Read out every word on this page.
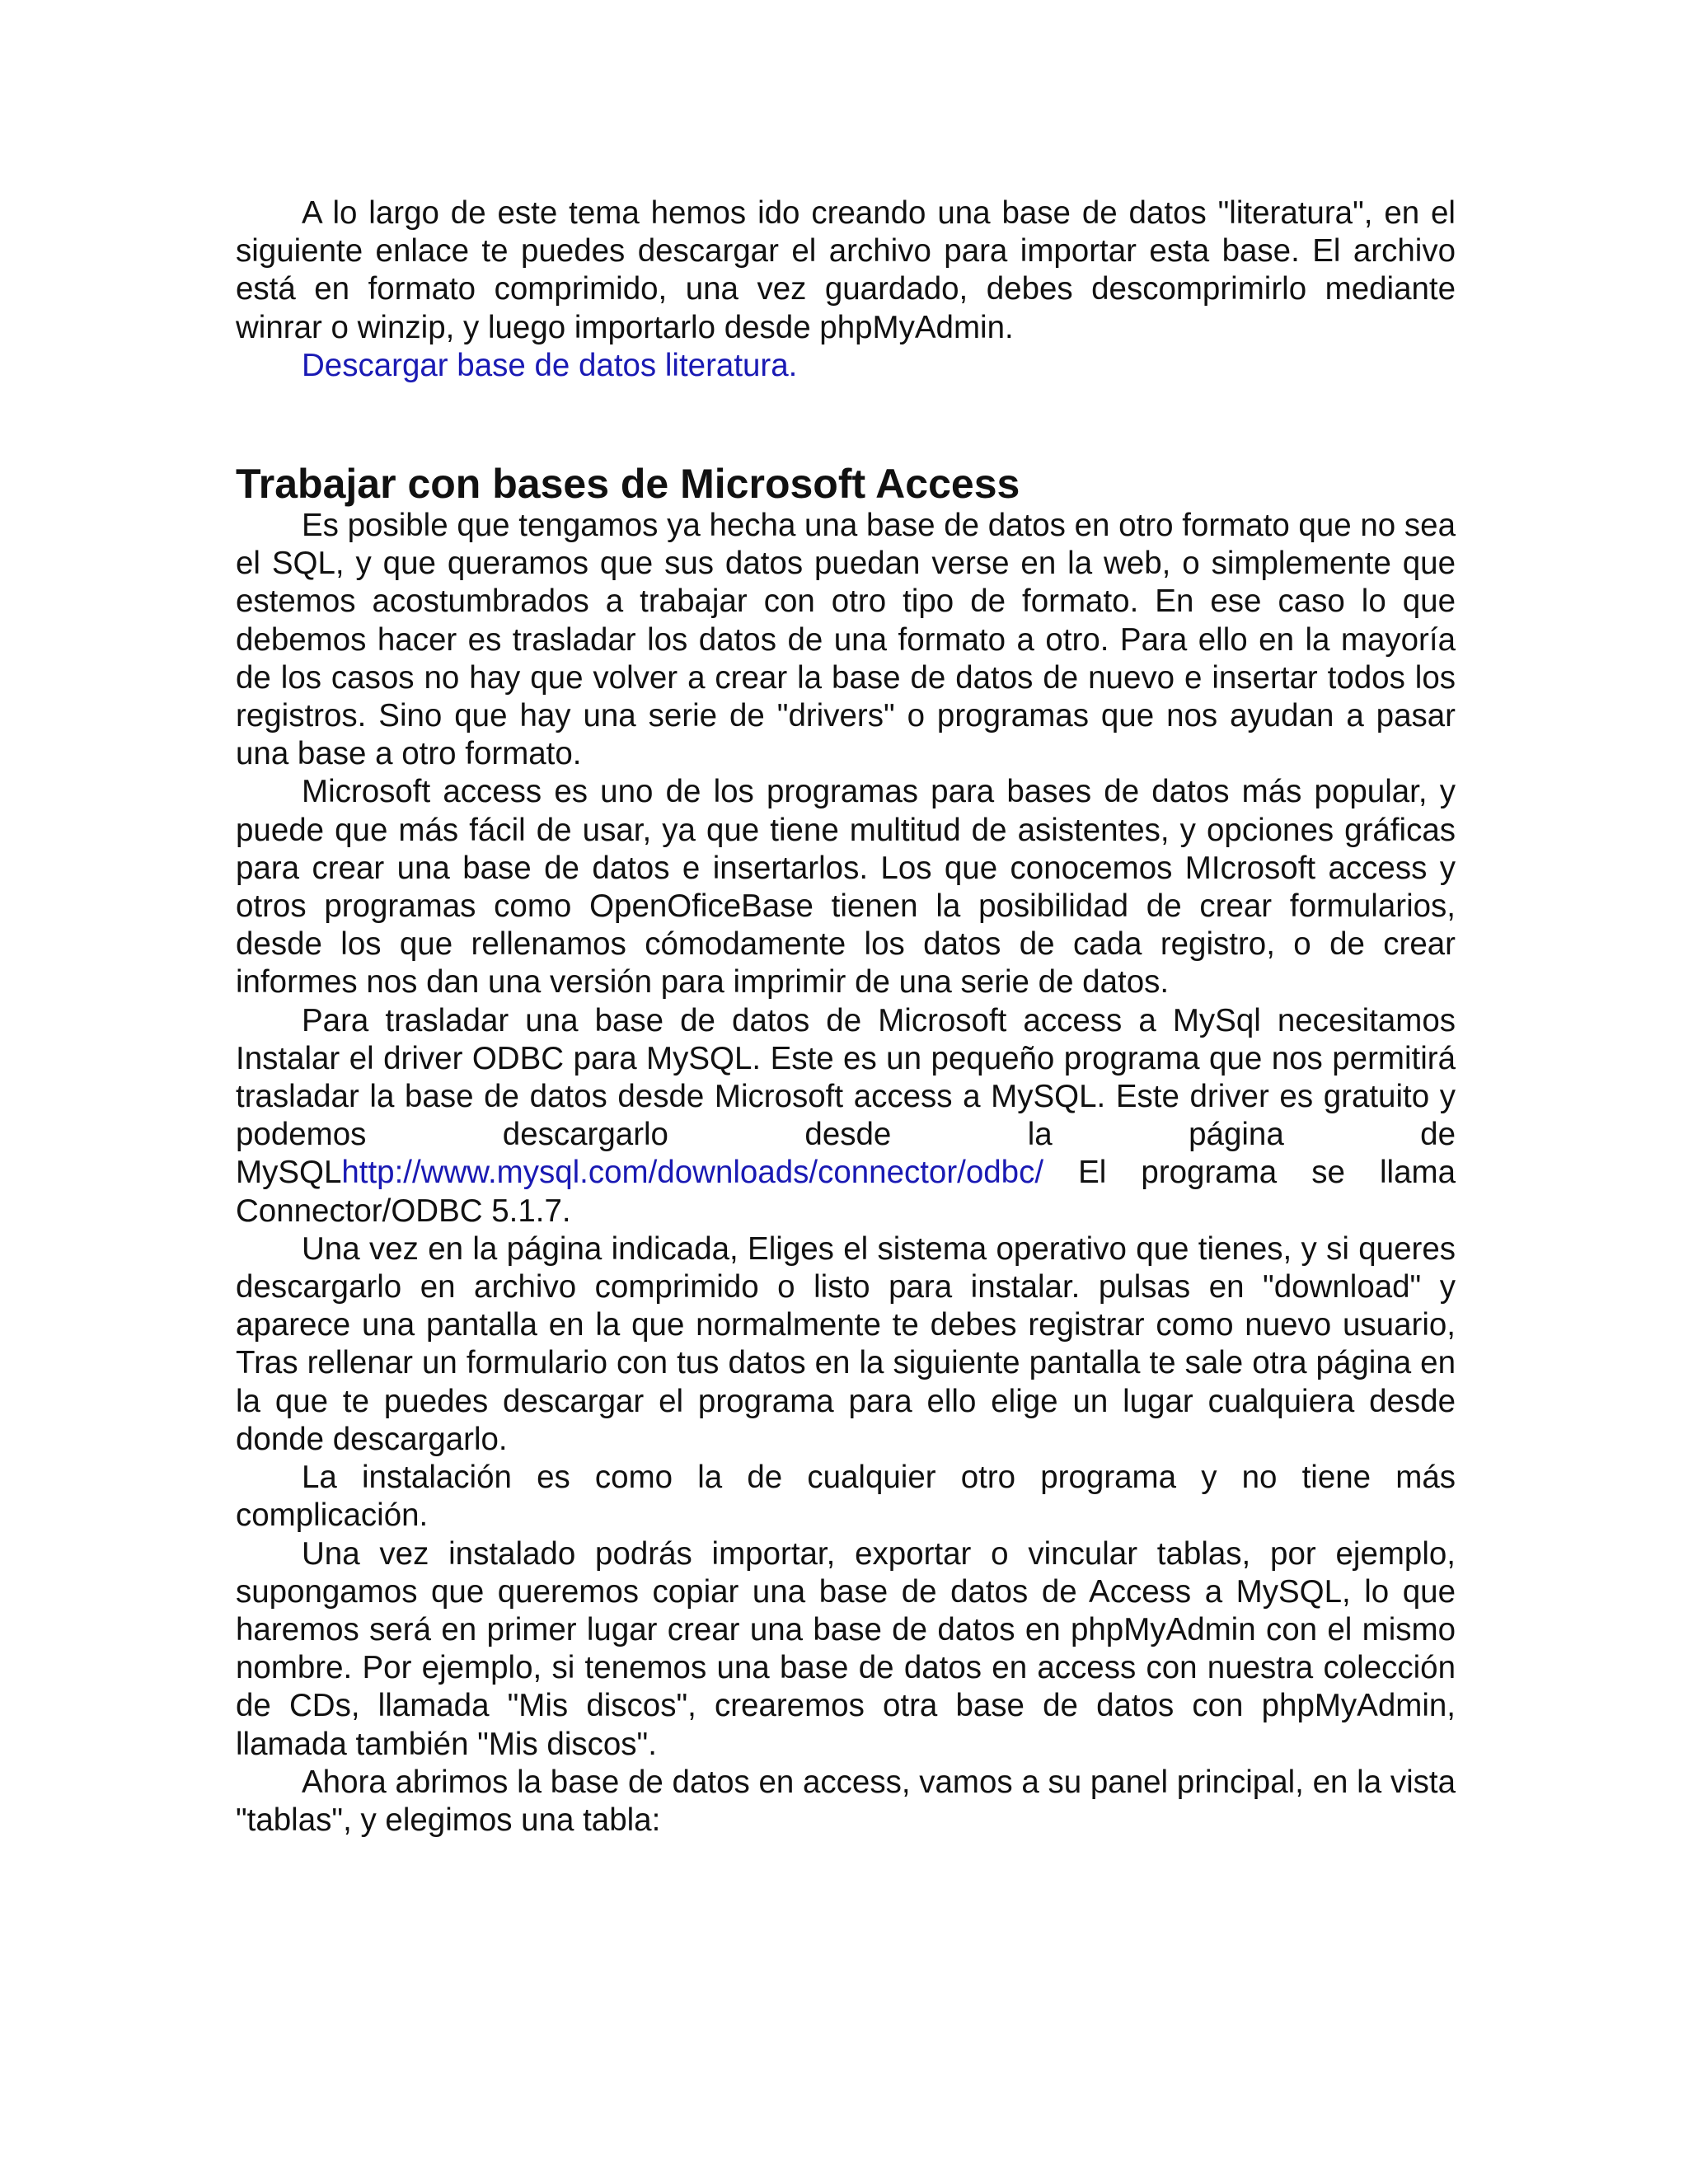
A lo largo de este tema hemos ido creando una base de datos "literatura", en el siguiente enlace te puedes descargar el archivo para importar esta base. El archivo está en formato comprimido, una vez guardado, debes descomprimirlo mediante winrar o winzip, y luego importarlo desde phpMyAdmin.

Descargar base de datos literatura.

Trabajar con bases de Microsoft Access

Es posible que tengamos ya hecha una base de datos en otro formato que no sea el SQL, y que queramos que sus datos puedan verse en la web, o simplemente que estemos acostumbrados a trabajar con otro tipo de formato. En ese caso lo que debemos hacer es trasladar los datos de una formato a otro. Para ello en la mayoría de los casos no hay que volver a crear la base de datos de nuevo e insertar todos los registros. Sino que hay una serie de "drivers" o programas que nos ayudan a pasar una base a otro formato.

Microsoft access es uno de los programas para bases de datos más popular, y puede que más fácil de usar, ya que tiene multitud de asistentes, y opciones gráficas para crear una base de datos e insertarlos. Los que conocemos MIcrosoft access y otros programas como OpenOficeBase tienen la posibilidad de crear formularios, desde los que rellenamos cómodamente los datos de cada registro, o de crear informes nos dan una versión para imprimir de una serie de datos.

Para trasladar una base de datos de Microsoft access a MySql necesitamos Instalar el driver ODBC para MySQL. Este es un pequeño programa que nos permitirá trasladar la base de datos desde Microsoft access a MySQL. Este driver es gratuito y podemos descargarlo desde la página de MySQLhttp://www.mysql.com/downloads/connector/odbc/ El programa se llama Connector/ODBC 5.1.7.

Una vez en la página indicada, Eliges el sistema operativo que tienes, y si queres descargarlo en archivo comprimido o listo para instalar. pulsas en "download" y aparece una pantalla en la que normalmente te debes registrar como nuevo usuario, Tras rellenar un formulario con tus datos en la siguiente pantalla te sale otra página en la que te puedes descargar el programa para ello elige un lugar cualquiera desde donde descargarlo.

La instalación es como la de cualquier otro programa y no tiene más complicación.

Una vez instalado podrás importar, exportar o vincular tablas, por ejemplo, supongamos que queremos copiar una base de datos de Access a MySQL, lo que haremos será en primer lugar crear una base de datos en phpMyAdmin con el mismo nombre. Por ejemplo, si tenemos una base de datos en access con nuestra colección de CDs, llamada "Mis discos", crearemos otra base de datos con phpMyAdmin, llamada también "Mis discos".

Ahora abrimos la base de datos en access, vamos a su panel principal, en la vista "tablas", y elegimos una tabla:
